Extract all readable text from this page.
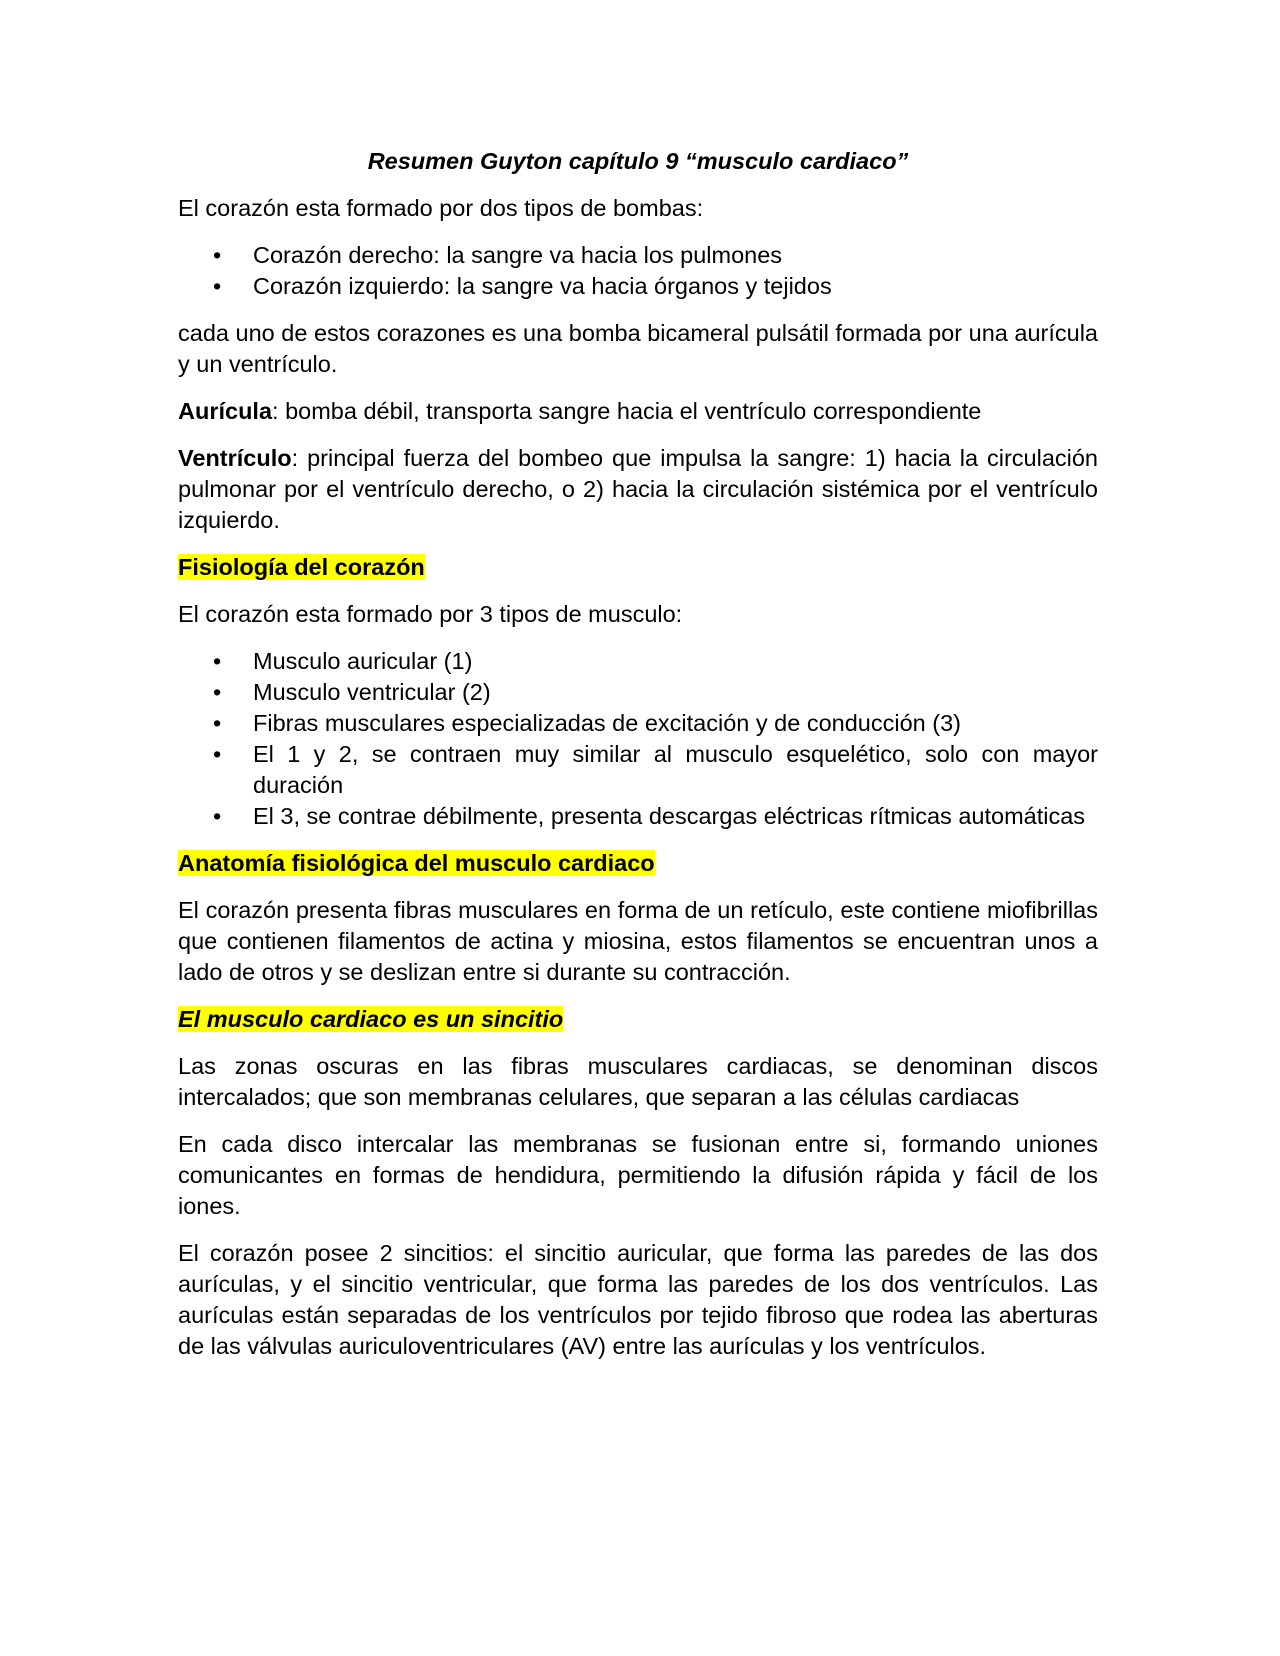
Resumen Guyton capítulo 9 “musculo cardiaco”

El corazón esta formado por dos tipos de bombas:

• Corazón derecho: la sangre va hacia los pulmones
• Corazón izquierdo: la sangre va hacia órganos y tejidos

cada uno de estos corazones es una bomba bicameral pulsátil formada por una aurícula y un ventrículo.

Aurícula: bomba débil, transporta sangre hacia el ventrículo correspondiente

Ventrículo: principal fuerza del bombeo que impulsa la sangre: 1) hacia la circulación pulmonar por el ventrículo derecho, o 2) hacia la circulación sistémica por el ventrículo izquierdo.

Fisiología del corazón

El corazón esta formado por 3 tipos de musculo:

• Musculo auricular (1)
• Musculo ventricular (2)
• Fibras musculares especializadas de excitación y de conducción (3)
• El 1 y 2, se contraen muy similar al musculo esquelético, solo con mayor duración
• El 3, se contrae débilmente, presenta descargas eléctricas rítmicas automáticas
Anatomía fisiológica del musculo cardiaco

El corazón presenta fibras musculares en forma de un retículo, este contiene miofibrillas que contienen filamentos de actina y miosina, estos filamentos se encuentran unos a lado de otros y se deslizan entre si durante su contracción.

El musculo cardiaco es un sincitio

Las zonas oscuras en las fibras musculares cardiacas, se denominan discos intercalados; que son membranas celulares, que separan a las células cardiacas

En cada disco intercalar las membranas se fusionan entre si, formando uniones comunicantes en formas de hendidura, permitiendo la difusión rápida y fácil de los iones.

El corazón posee 2 sincitios: el sincitio auricular, que forma las paredes de las dos aurículas, y el sincitio ventricular, que forma las paredes de los dos ventrículos. Las aurículas están separadas de los ventrículos por tejido fibroso que rodea las aberturas de las válvulas auriculoventriculares (AV) entre las aurículas y los ventrículos.
